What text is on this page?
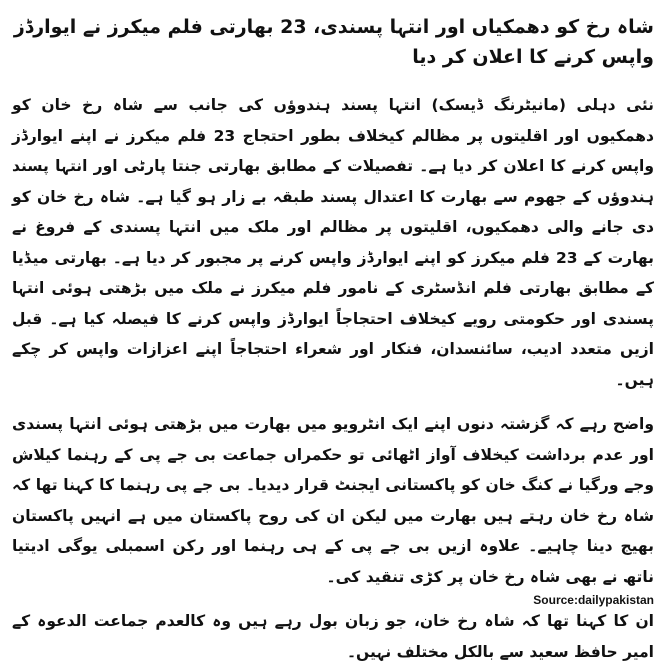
شاہ رخ کو دھمکیاں اور انتہا پسندی، 23 بھارتی فلم میکرز نے ایوارڈز واپس کرنے کا اعلان کر دیا

نئی دہلی (مانیٹرنگ ڈیسک) انتہا پسند ہندوؤں کی جانب سے شاہ رخ خان کو دھمکیوں اور اقلیتوں پر مظالم کیخلاف بطور احتجاج 23 فلم میکرز نے اپنے ایوارڈز واپس کرنے کا اعلان کر دیا ہے۔ تفصیلات کے مطابق بھارتی جنتا پارٹی اور انتہا پسند ہندوؤں کے جھوم سے بھارت کا اعتدال پسند طبقہ بے زار ہو گیا ہے۔ شاہ رخ خان کو دی جانے والی دھمکیوں، اقلیتوں پر مظالم اور ملک میں انتہا پسندی کے فروغ نے بھارت کے 23 فلم میکرز کو اپنے ایوارڈز واپس کرنے پر مجبور کر دیا ہے۔ بھارتی میڈیا کے مطابق بھارتی فلم انڈسٹری کے نامور فلم میکرز نے ملک میں بڑھتی ہوئی انتہا پسندی اور حکومتی رویے کیخلاف احتجاجاً ایوارڈز واپس کرنے کا فیصلہ کیا ہے۔ قبل ازیں متعدد ادیب، سائنسدان، فنکار اور شعراء احتجاجاً اپنے اعزازات واپس کر چکے ہیں۔

واضح رہے کہ گزشتہ دنوں اپنے ایک انٹرویو میں بھارت میں بڑھتی ہوئی انتہا پسندی اور عدم برداشت کیخلاف آواز اٹھائی تو حکمراں جماعت بی جے پی کے رہنما کیلاش وجے ورگیا نے کنگ خان کو پاکستانی ایجنٹ قرار دیدیا۔ بی جے پی رہنما کا کہنا تھا کہ شاہ رخ خان رہتے ہیں بھارت میں لیکن ان کی روح پاکستان میں ہے انہیں پاکستان بھیج دینا چاہیے۔ علاوہ ازیں بی جے پی کے ہی رہنما اور رکن اسمبلی یوگی ادیتیا ناتھ نے بھی شاہ رخ خان پر کڑی تنقید کی۔

ان کا کہنا تھا کہ شاہ رخ خان، جو زبان بول رہے ہیں وہ کالعدم جماعت الدعوہ کے امیر حافظ سعید سے بالکل مختلف نہیں۔

Source:dailypakistan
